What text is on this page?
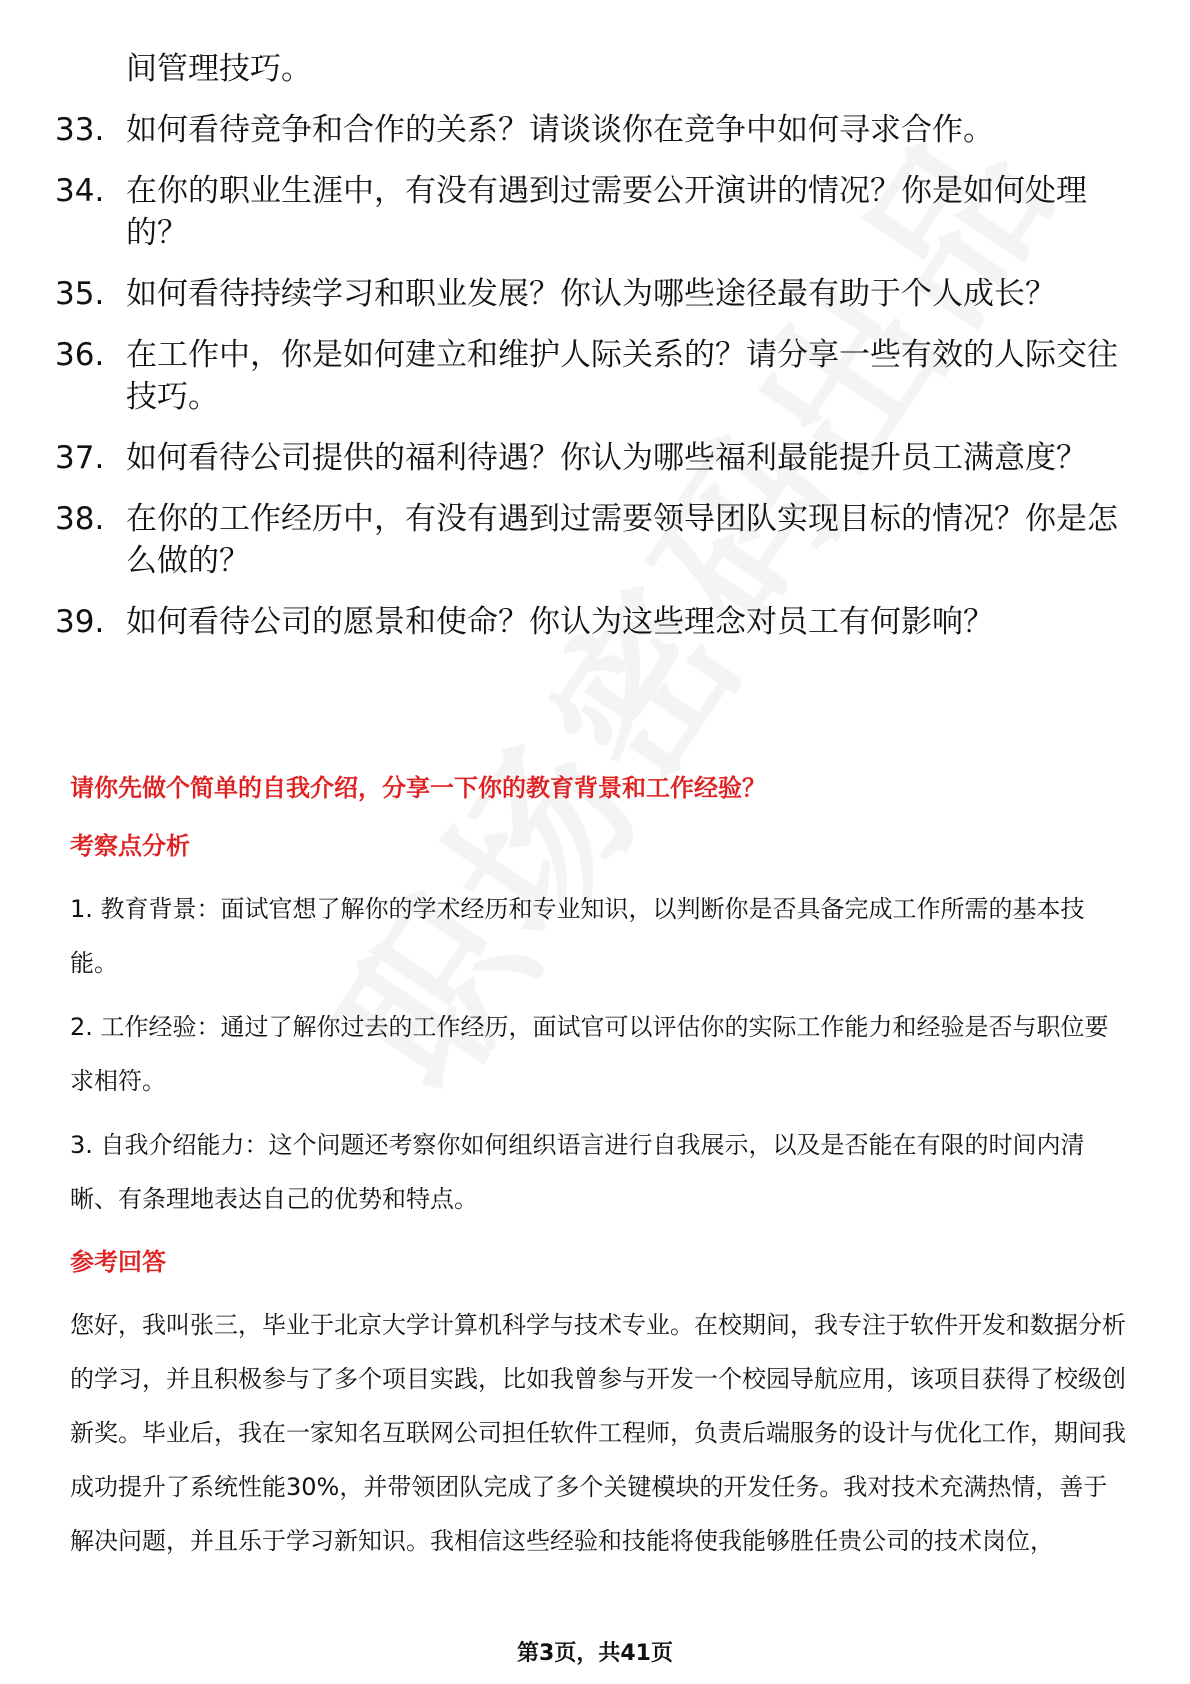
间管理技巧。
33. 如何看待竞争和合作的关系？请谈谈你在竞争中如何寻求合作。
34. 在你的职业生涯中，有没有遇到过需要公开演讲的情况？你是如何处理的？
35. 如何看待持续学习和职业发展？你认为哪些途径最有助于个人成长？
36. 在工作中，你是如何建立和维护人际关系的？请分享一些有效的人际交往技巧。
37. 如何看待公司提供的福利待遇？你认为哪些福利最能提升员工满意度？
38. 在你的工作经历中，有没有遇到过需要领导团队实现目标的情况？你是怎么做的？
39. 如何看待公司的愿景和使命？你认为这些理念对员工有何影响？

请你先做个简单的自我介绍，分享一下你的教育背景和工作经验？

考察点分析

1. 教育背景：面试官想了解你的学术经历和专业知识，以判断你是否具备完成工作所需的基本技能。

2. 工作经验：通过了解你过去的工作经历，面试官可以评估你的实际工作能力和经验是否与职位要求相符。

3. 自我介绍能力：这个问题还考察你如何组织语言进行自我展示，以及是否能在有限的时间内清晰、有条理地表达自己的优势和特点。

参考回答

您好，我叫张三，毕业于北京大学计算机科学与技术专业。在校期间，我专注于软件开发和数据分析的学习，并且积极参与了多个项目实践，比如我曾参与开发一个校园导航应用，该项目获得了校级创新奖。毕业后，我在一家知名互联网公司担任软件工程师，负责后端服务的设计与优化工作，期间我成功提升了系统性能30%，并带领团队完成了多个关键模块的开发任务。我对技术充满热情，善于解决问题，并且乐于学习新知识。我相信这些经验和技能将使我能够胜任贵公司的技术岗位，

第3页，共41页
